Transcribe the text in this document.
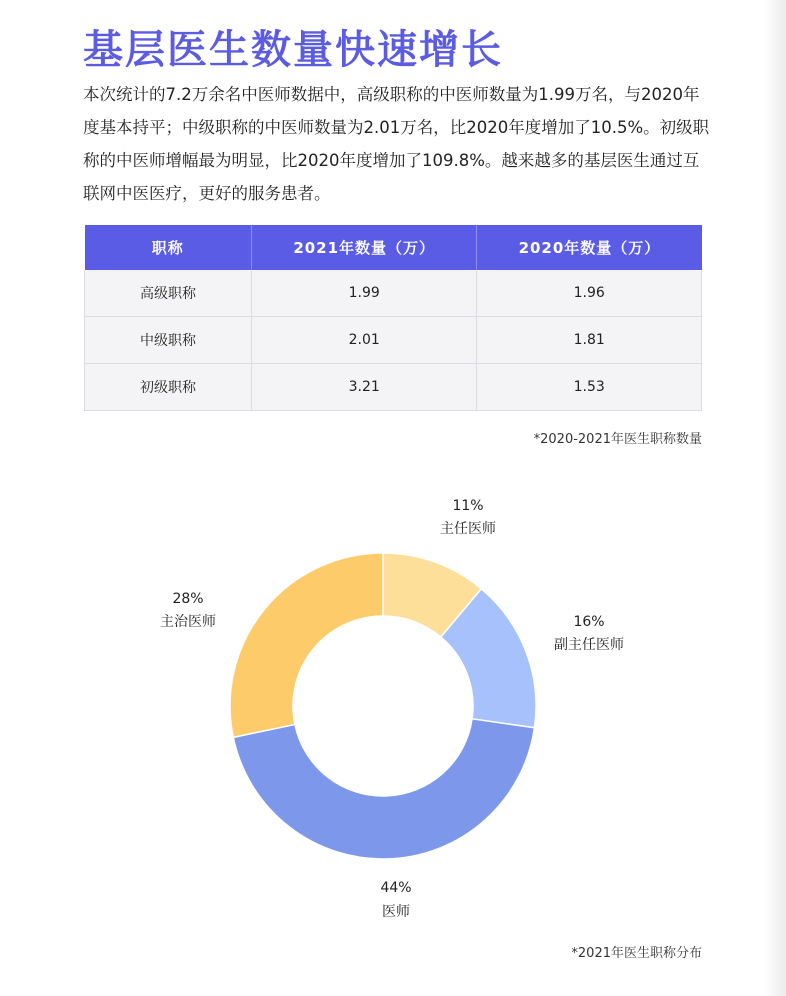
基层医生数量快速增长
本次统计的7.2万余名中医师数据中，高级职称的中医师数量为1.99万名，与2020年度基本持平；中级职称的中医师数量为2.01万名，比2020年度增加了10.5%。初级职称的中医师增幅最为明显，比2020年度增加了109.8%。越来越多的基层医生通过互联网中医医疗，更好的服务患者。
职称	2021年数量（万）	2020年数量（万）
高级职称	1.99	1.96
中级职称	2.01	1.81
初级职称	3.21	1.53
*2020-2021年医生职称数量
11%
主任医师
16%
副主任医师
44%
医师
28%
主治医师
*2021年医生职称分布
